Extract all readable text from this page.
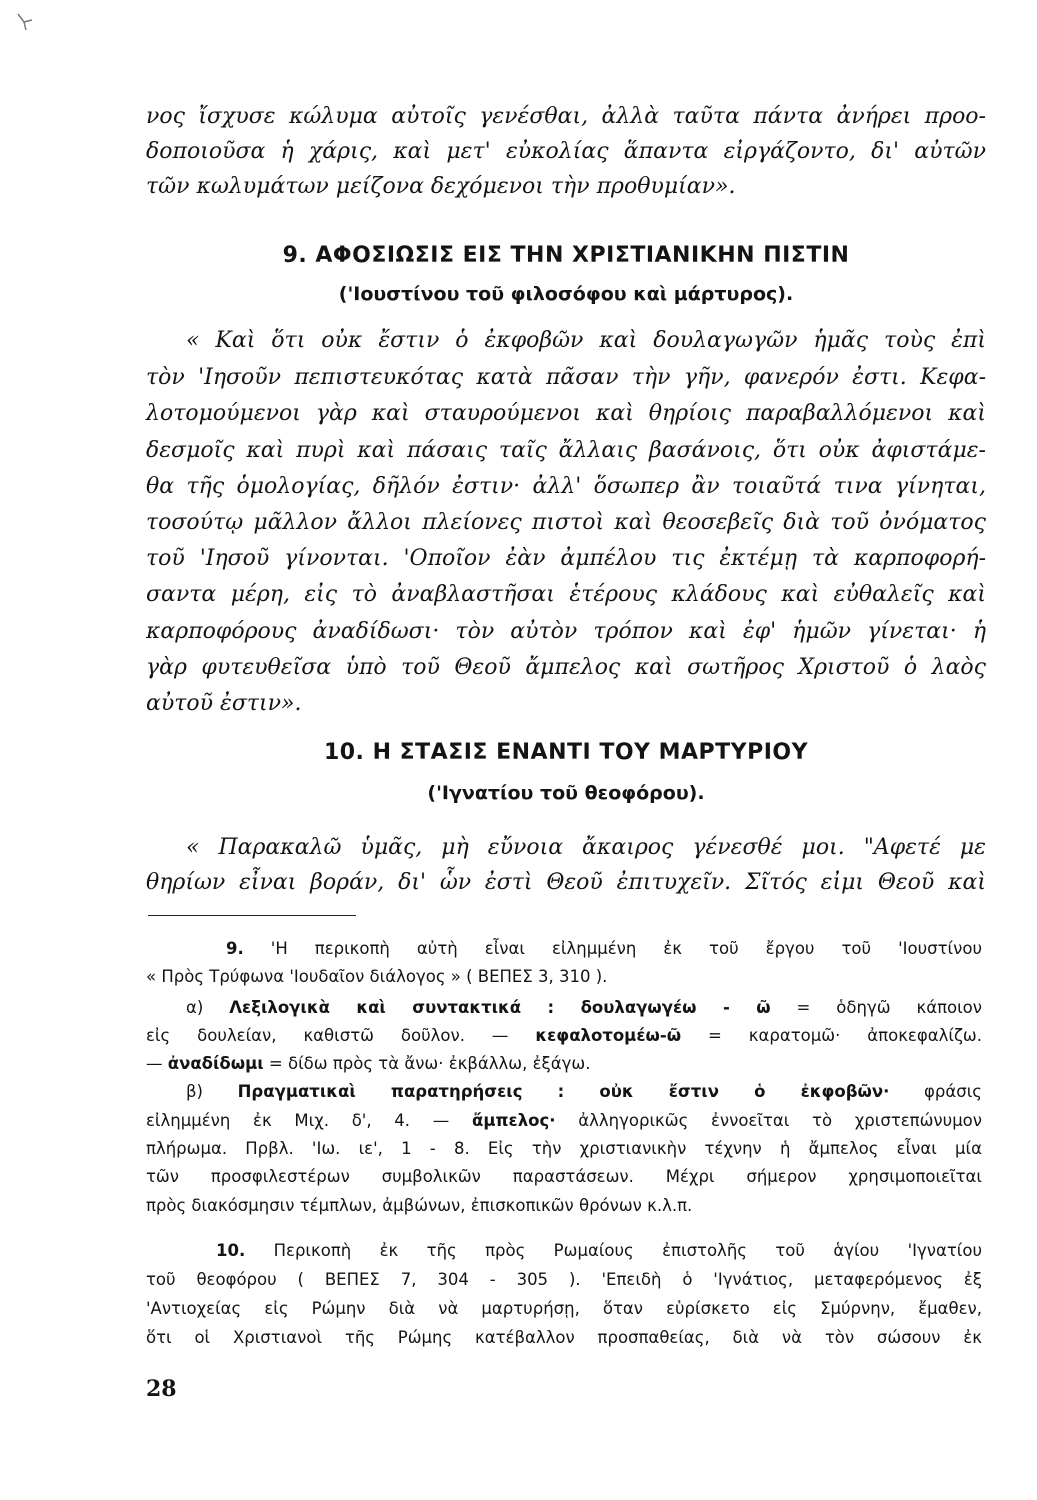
νος ἴσχυσε κώλυμα αὐτοῖς γενέσθαι, ἀλλὰ ταῦτα πάντα ἀνήρει προο-
δοποιοῦσα ἡ χάρις, καὶ μετ' εὐκολίας ἅπαντα εἰργάζοντο, δι' αὐτῶν
τῶν κωλυμάτων μείζονα δεχόμενοι τὴν προθυμίαν».
9. ΑΦΟΣΙΩΣΙΣ ΕΙΣ ΤΗΝ ΧΡΙΣΤΙΑΝΙΚΗΝ ΠΙΣΤΙΝ
('Ιουστίνου τοῦ φιλοσόφου καὶ μάρτυρος).
« Καὶ ὅτι οὐκ ἔστιν ὁ ἐκφοβῶν καὶ δουλαγωγῶν ἡμᾶς τοὺς ἐπὶ
τὸν 'Ιησοῦν πεπιστευκότας κατὰ πᾶσαν τὴν γῆν, φανερόν ἐστι. Κεφα-
λοτομούμενοι γὰρ καὶ σταυρούμενοι καὶ θηρίοις παραβαλλόμενοι καὶ
δεσμοῖς καὶ πυρὶ καὶ πάσαις ταῖς ἄλλαις βασάνοις, ὅτι οὐκ ἀφιστάμε-
θα τῆς ὁμολογίας, δῆλόν ἐστιν· ἀλλ' ὅσωπερ ἂν τοιαῦτά τινα γίνηται,
τοσούτῳ μᾶλλον ἄλλοι πλείονες πιστοὶ καὶ θεοσεβεῖς διὰ τοῦ ὀνόματος
τοῦ 'Ιησοῦ γίνονται. 'Οποῖον ἐὰν ἀμπέλου τις ἐκτέμῃ τὰ καρποφορή-
σαντα μέρη, εἰς τὸ ἀναβλαστῆσαι ἑτέρους κλάδους καὶ εὐθαλεῖς καὶ
καρποφόρους ἀναδίδωσι· τὸν αὐτὸν τρόπον καὶ ἐφ' ἡμῶν γίνεται· ἡ
γὰρ φυτευθεῖσα ὑπὸ τοῦ Θεοῦ ἄμπελος καὶ σωτῆρος Χριστοῦ ὁ λαὸς
αὐτοῦ ἐστιν».
10. Η ΣΤΑΣΙΣ ΕΝΑΝΤΙ ΤΟΥ ΜΑΡΤΥΡΙΟΥ
('Ιγνατίου τοῦ θεοφόρου).
« Παρακαλῶ ὑμᾶς, μὴ εὔνοια ἄκαιρος γένεσθέ μοι. "Αφετέ με
θηρίων εἶναι βοράν, δι' ὧν ἐστὶ Θεοῦ ἐπιτυχεῖν. Σῖτός εἰμι Θεοῦ καὶ
9. 'Η περικοπὴ αὐτὴ εἶναι εἰλημμένη ἐκ τοῦ ἔργου τοῦ 'Ιουστίνου
« Πρὸς Τρύφωνα 'Ιουδαῖον διάλογος » ( ΒΕΠΕΣ 3, 310 ).
α) Λεξιλογικὰ καὶ συντακτικά : δουλαγωγέω - ῶ = ὁδηγῶ κάποιον
εἰς δουλείαν, καθιστῶ δοῦλον. — κεφαλοτομέω-ῶ = καρατομῶ· ἀποκεφαλίζω.
— ἀναδίδωμι = δίδω πρὸς τὰ ἄνω· ἐκβάλλω, ἐξάγω.
β) Πραγματικαὶ παρατηρήσεις : οὐκ ἔστιν ὁ ἐκφοβῶν· φράσις
εἰλημμένη ἐκ Μιχ. δ', 4. — ἄμπελος· ἀλληγορικῶς ἐννοεῖται τὸ χριστεπώνυμον
πλήρωμα. Πρβλ. 'Ιω. ιε', 1 - 8. Εἰς τὴν χριστιανικὴν τέχνην ἡ ἄμπελος εἶναι μία
τῶν προσφιλεστέρων συμβολικῶν παραστάσεων. Μέχρι σήμερον χρησιμοποιεῖται
πρὸς διακόσμησιν τέμπλων, ἀμβώνων, ἐπισκοπικῶν θρόνων κ.λ.π.
10. Περικοπὴ ἐκ τῆς πρὸς Ρωμαίους ἐπιστολῆς τοῦ ἁγίου 'Ιγνατίου
τοῦ θεοφόρου ( ΒΕΠΕΣ 7, 304 - 305 ). 'Επειδὴ ὁ 'Ιγνάτιος, μεταφερόμενος ἐξ
'Αντιοχείας εἰς Ρώμην διὰ νὰ μαρτυρήσῃ, ὅταν εὑρίσκετο εἰς Σμύρνην, ἔμαθεν,
ὅτι οἱ Χριστιανοὶ τῆς Ρώμης κατέβαλλον προσπαθείας, διὰ νὰ τὸν σώσουν ἐκ
28
